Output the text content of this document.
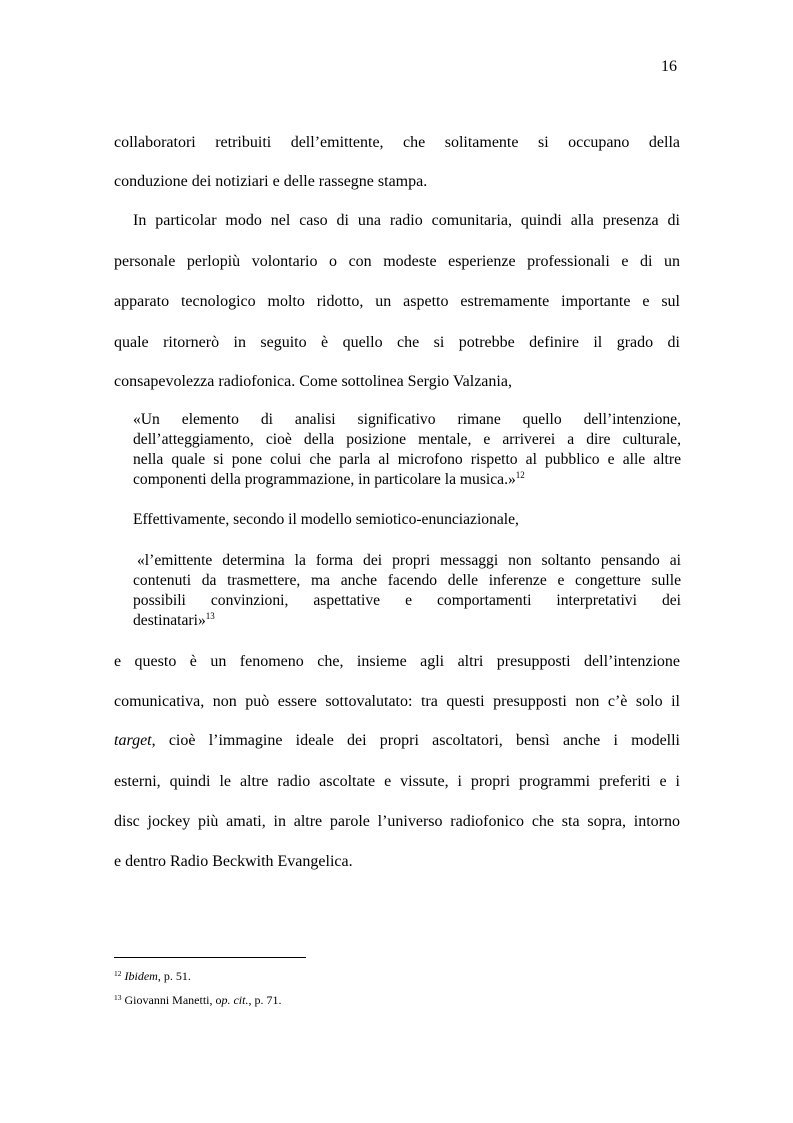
16
collaboratori retribuiti dell’emittente, che solitamente si occupano della
conduzione dei notiziari e delle rassegne stampa.
In particolar modo nel caso di una radio comunitaria, quindi alla presenza di
personale perlopiù volontario o con modeste esperienze professionali e di un
apparato tecnologico molto ridotto, un aspetto estremamente importante e sul
quale ritornerò in seguito è quello che si potrebbe definire il grado di
consapevolezza radiofonica. Come sottolinea Sergio Valzania,
«Un elemento di analisi significativo rimane quello dell’intenzione,
dell’atteggiamento, cioè della posizione mentale, e arriverei a dire culturale,
nella quale si pone colui che parla al microfono rispetto al pubblico e alle altre
componenti della programmazione, in particolare la musica.»$^{12}$
Effettivamente, secondo il modello semiotico-enunciazionale,
«l’emittente determina la forma dei propri messaggi non soltanto pensando ai
contenuti da trasmettere, ma anche facendo delle inferenze e congetture sulle
possibili convinzioni, aspettative e comportamenti interpretativi dei
destinatari»$^{13}$
e questo è un fenomeno che, insieme agli altri presupposti dell’intenzione
comunicativa, non può essere sottovalutato: tra questi presupposti non c’è solo il
target, cioè l’immagine ideale dei propri ascoltatori, bensì anche i modelli
esterni, quindi le altre radio ascoltate e vissute, i propri programmi preferiti e i
disc jockey più amati, in altre parole l’universo radiofonico che sta sopra, intorno
e dentro Radio Beckwith Evangelica.
$^{12}$ Ibidem, p. 51.
$^{13}$ Giovanni Manetti, op. cit., p. 71.
